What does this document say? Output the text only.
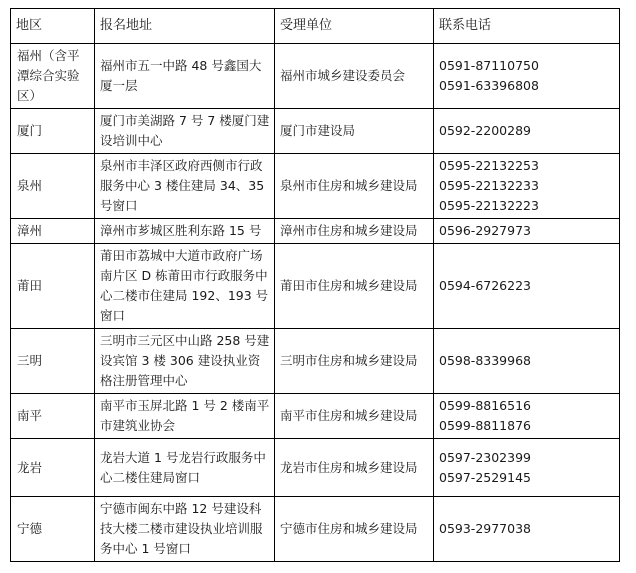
地区	报名地址	受理单位	联系电话
福州（含平潭综合实验区）	福州市五一中路 48 号鑫国大厦一层	福州市城乡建设委员会	0591-87110750
0591-63396808

厦门	厦门市美湖路 7 号 7 楼厦门建设培训中心	厦门市建设局	0592-2200289

泉州	泉州市丰泽区政府西侧市行政服务中心 3 楼住建局 34、35 号窗口	泉州市住房和城乡建设局	0595-22132253
0595-22132233
0595-22132223

漳州	漳州市芗城区胜利东路 15 号	漳州市住房和城乡建设局	0596-2927973

莆田	莆田市荔城中大道市政府广场南片区 D 栋莆田市行政服务中心二楼市住建局 192、193 号窗口	莆田市住房和城乡建设局	0594-6726223

三明	三明市三元区中山路 258 号建设宾馆 3 楼 306 建设执业资格注册管理中心	三明市住房和城乡建设局	0598-8339968

南平	南平市玉屏北路 1 号 2 楼南平市建筑业协会	南平市住房和城乡建设局	0599-8816516
0599-8811876

龙岩	龙岩大道 1 号龙岩行政服务中心二楼住建局窗口	龙岩市住房和城乡建设局	0597-2302399
0597-2529145

宁德	宁德市闽东中路 12 号建设科技大楼二楼市建设执业培训服务中心 1 号窗口	宁德市住房和城乡建设局	0593-2977038
